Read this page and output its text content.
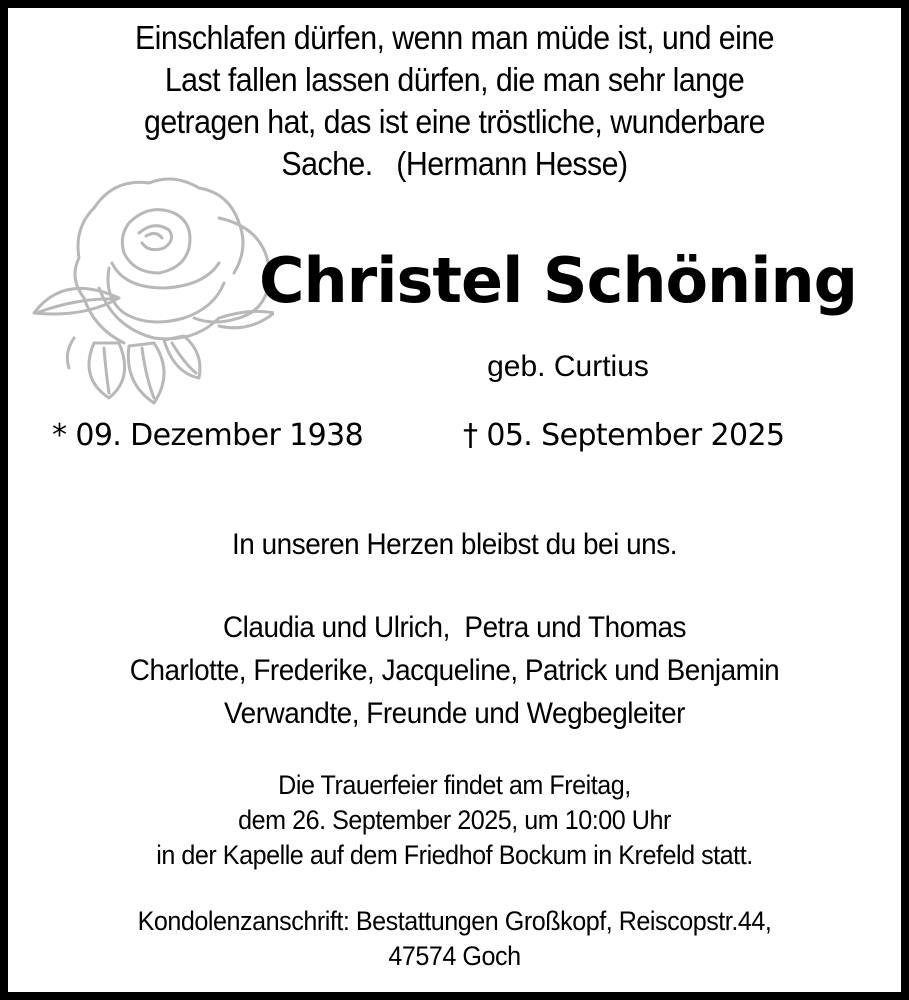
Einschlafen dürfen, wenn man müde ist, und eine
Last fallen lassen dürfen, die man sehr lange
getragen hat, das ist eine tröstliche, wunderbare
Sache.   (Hermann Hesse)
Christel Schöning
geb. Curtius
* 09. Dezember 1938	† 05. September 2025
In unseren Herzen bleibst du bei uns.
Claudia und Ulrich,  Petra und Thomas
Charlotte, Frederike, Jacqueline, Patrick und Benjamin
Verwandte, Freunde und Wegbegleiter
Die Trauerfeier findet am Freitag,
dem 26. September 2025, um 10:00 Uhr
in der Kapelle auf dem Friedhof Bockum in Krefeld statt.
Kondolenzanschrift: Bestattungen Großkopf, Reiscopstr.44,
47574 Goch
